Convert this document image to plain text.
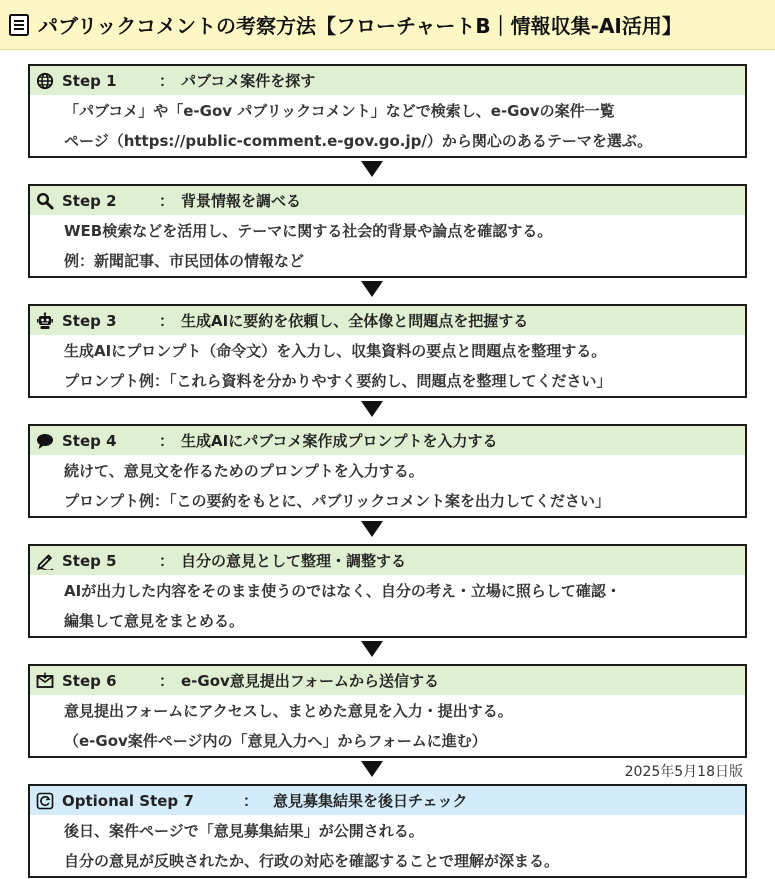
パブリックコメントの考察方法【フローチャートB｜情報収集-AI活用】
Step 1	： パブコメ案件を探す
「パブコメ」や「e-Gov パブリックコメント」などで検索し、e-Govの案件一覧
ページ（https://public-comment.e-gov.go.jp/）から関心のあるテーマを選ぶ。
Step 2	： 背景情報を調べる
WEB検索などを活用し、テーマに関する社会的背景や論点を確認する。
例：新聞記事、市民団体の情報など
Step 3	： 生成AIに要約を依頼し、全体像と問題点を把握する
生成AIにプロンプト（命令文）を入力し、収集資料の要点と問題点を整理する。
プロンプト例：「これら資料を分かりやすく要約し、問題点を整理してください」
Step 4	： 生成AIにパブコメ案作成プロンプトを入力する
続けて、意見文を作るためのプロンプトを入力する。
プロンプト例：「この要約をもとに、パブリックコメント案を出力してください」
Step 5	： 自分の意見として整理・調整する
AIが出力した内容をそのまま使うのではなく、自分の考え・立場に照らして確認・
編集して意見をまとめる。
Step 6	： e-Gov意見提出フォームから送信する
意見提出フォームにアクセスし、まとめた意見を入力・提出する。
（e-Gov案件ページ内の「意見入力へ」からフォームに進む）
2025年5月18日版
Optional Step 7	： 意見募集結果を後日チェック
後日、案件ページで「意見募集結果」が公開される。
自分の意見が反映されたか、行政の対応を確認することで理解が深まる。
